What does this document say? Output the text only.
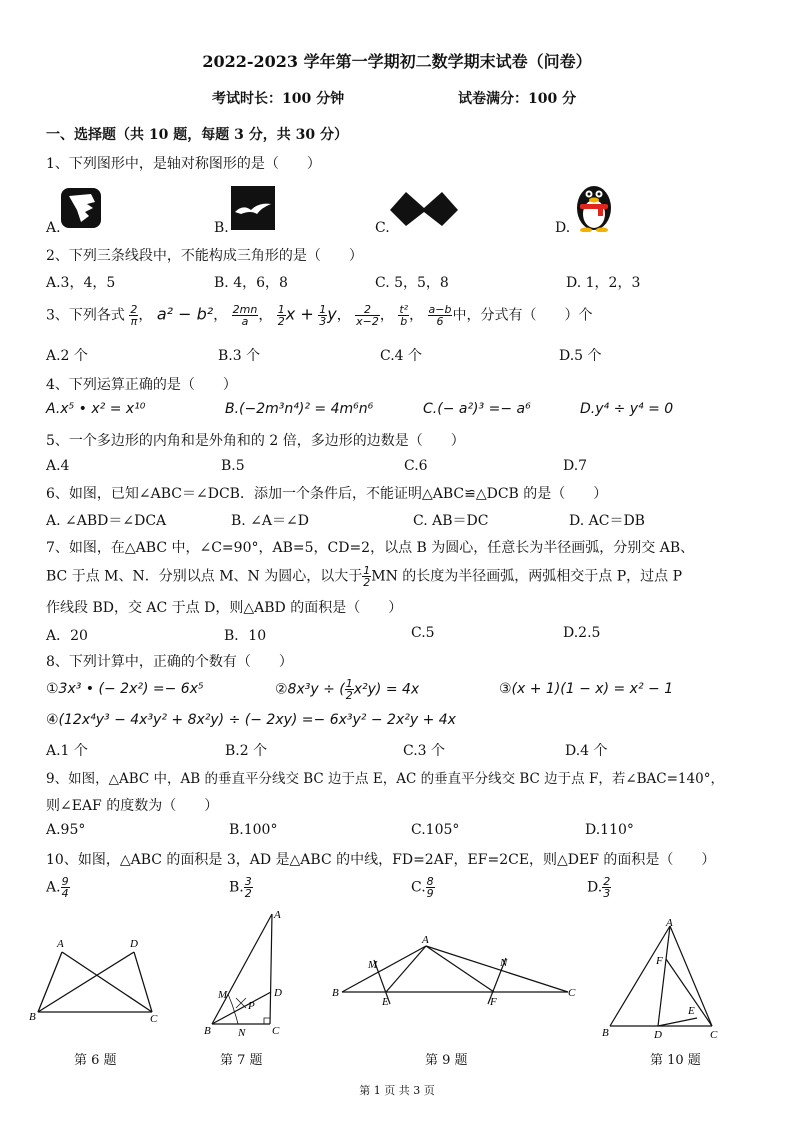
2022-2023 学年第一学期初二数学期末试卷（问卷）
考试时长：100 分钟	试卷满分：100 分
一、选择题（共 10 题，每题 3 分，共 30 分）
1、下列图形中，是轴对称图形的是（　　）
A.	B.	C.	D.
2、下列三条线段中，不能构成三角形的是（　　）
A.3，4，5	B. 4，6，8	C. 5，5，8	D. 1，2，3
3、下列各式 $\frac{2}{\pi}$ ， a² − b²， $\frac{2mn}{a}$ ， $\frac{1}{2}$ $x + \frac{1}{3}$ y， $\frac{2}{x-2}$ ， $\frac{\text{t²}}{b}$ ， $\frac{a-b}{6}$ 中，分式有（　　）个
A.2 个	B.3 个	C.4 个	D.5 个
4、下列运算正确的是（　　）
A.x⁵ • x² = x¹⁰	B.(−2m³n⁴)² = 4m⁶n⁶	C.(− a²)³ =− a⁶	D.y⁴ ÷ y⁴ = 0
5、一个多边形的内角和是外角和的 2 倍，多边形的边数是（　　）
A.4	B.5	C.6	D.7
6、如图，已知∠ABC＝∠DCB．添加一个条件后，不能证明△ABC≌△DCB 的是（　　）
A. ∠ABD＝∠DCA	B. ∠A＝∠D	C. AB＝DC	D. AC＝DB
7、如图，在△ABC 中，∠C=90°，AB=5，CD=2，以点 B 为圆心，任意长为半径画弧，分别交 AB、
BC 于点 M、N．分别以点 M、N 为圆心，以大于 $\frac{1}{2}$ MN 的长度为半径画弧，两弧相交于点 P，过点 P
作线段 BD，交 AC 于点 D，则△ABD 的面积是（　　）
A．20	B．10	C.5	D.2.5
8、下列计算中，正确的个数有（　　）
①3x³ • (− 2x²) =− 6x⁵	②8x³y ÷ ( $\frac{1}{2} x^2y) = 4x$	③(x + 1)(1 − x) = x² − 1
④(12x⁴y³ − 4x³y² + 8x²y) ÷ (− 2xy) =− 6x³y² − 2x²y + 4x
A.1 个	B.2 个	C.3 个	D.4 个
9、如图，△ABC 中，AB 的垂直平分线交 BC 边于点 E，AC 的垂直平分线交 BC 边于点 F，若∠BAC=140°，
则∠EAF 的度数为（　　）
A.95°	B.100°	C.105°	D.110°
10、如图，△ABC 的面积是 3，AD 是△ABC 的中线，FD=2AF，EF=2CE，则△DEF 的面积是（　　）
A. $\frac{9}{4}$	B. $\frac{3}{2}$	C. $\frac{8}{9}$	D. $\frac{2}{3}$
A	D
B	C
第 6 题
A
M	D
P
B N C
第 7 题
A
M	N
B
E	F
C
第 9 题
A
F
E
B	D	C
第 10 题
第 1 页 共 3 页
